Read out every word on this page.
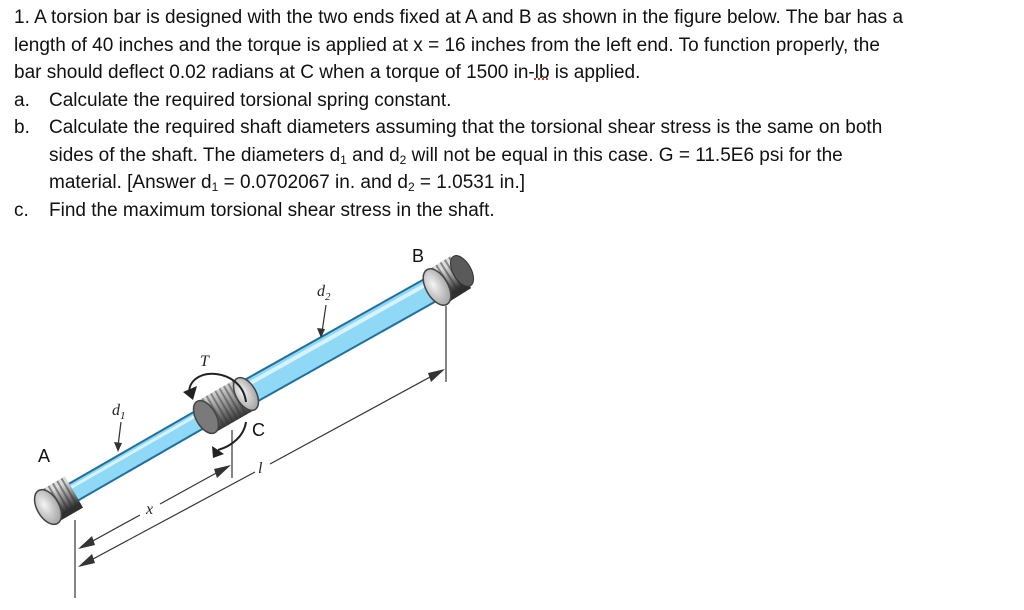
1. A torsion bar is designed with the two ends fixed at A and B as shown in the figure below. The bar has a
length of 40 inches and the torque is applied at x = 16 inches from the left end. To function properly, the
bar should deflect 0.02 radians at C when a torque of 1500 in-lb is applied.

a. Calculate the required torsional spring constant.

b. Calculate the required shaft diameters assuming that the torsional shear stress is the same on both
sides of the shaft. The diameters $d_1$ and $d_2$ will not be equal in this case. G = 11.5E6 psi for the
material. [Answer $d_1 = 0.0702067$ in. and $d_2 = 1.0531$ in.]

c. Find the maximum torsional shear stress in the shaft.

A
B
C
T
$d_1$
$d_2$
x
l
